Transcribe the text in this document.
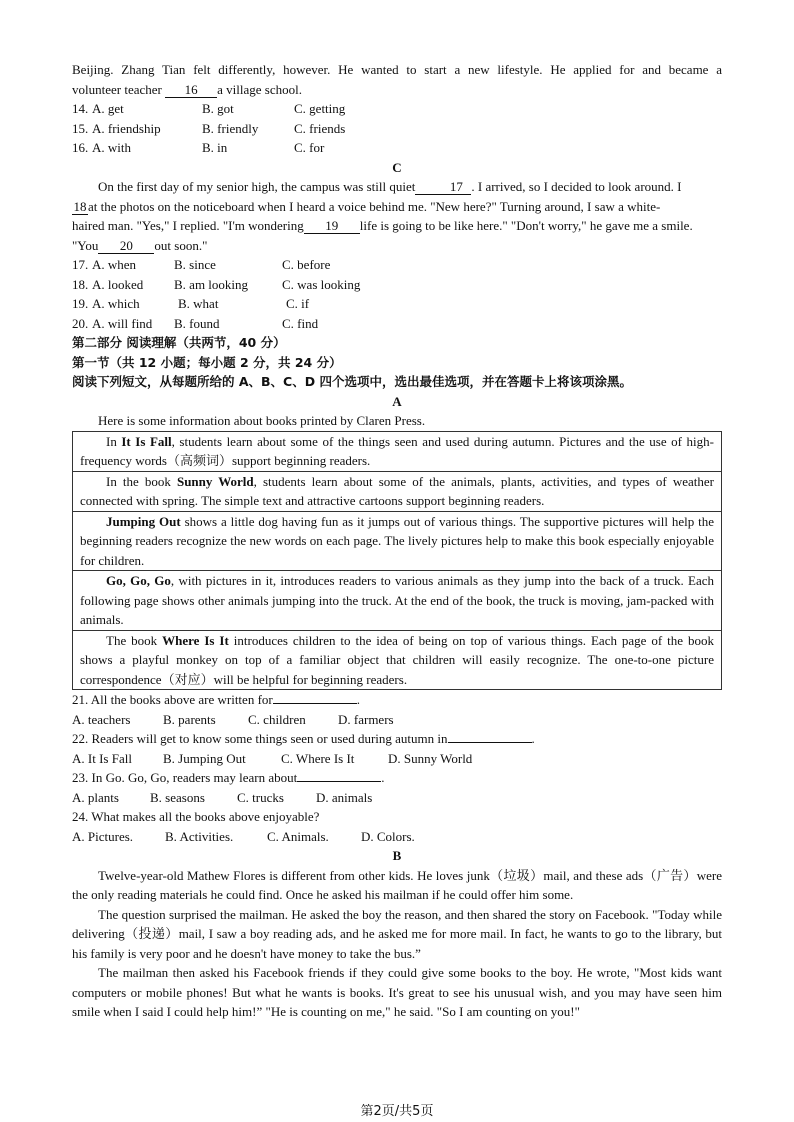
Beijing. Zhang Tian felt differently, however. He wanted to start a new lifestyle. He applied for and became a
volunteer teacher 16 a village school.
14. A. get	B. got	C. getting
15. A. friendship	B. friendly	C. friends
16. A. with	B. in	C. for
C
On the first day of my senior high, the campus was still quiet	17 . I arrived, so I decided to look around. I
18 at the photos on the noticeboard when I heard a voice behind me. "New here?" Turning around, I saw a white-
haired man. "Yes," I replied. "I'm wondering 19 life is going to be like here." "Don't worry," he gave me a smile.
"You 20 out soon."
17. A. when	B. since	C. before
18. A. looked	B. am looking	C. was looking
19. A. which	B. what	C. if
20. A. will find	B. found	C. find
第二部分 阅读理解（共两节，40 分）
第一节（共 12 小题；每小题 2 分，共 24 分）
阅读下列短文，从每题所给的 A、B、C、D 四个选项中，选出最佳选项，并在答题卡上将该项涂黑。
A
Here is some information about books printed by Claren Press.
In It Is Fall, students learn about some of the things seen and used during autumn. Pictures and the use of high-frequency words（高频词）support beginning readers.
In the book Sunny World, students learn about some of the animals, plants, activities, and types of weather connected with spring. The simple text and attractive cartoons support beginning readers.
Jumping Out shows a little dog having fun as it jumps out of various things. The supportive pictures will help the beginning readers recognize the new words on each page. The lively pictures help to make this book especially enjoyable for children.
Go, Go, Go, with pictures in it, introduces readers to various animals as they jump into the back of a truck. Each following page shows other animals jumping into the truck. At the end of the book, the truck is moving, jam-packed with animals.
The book Where Is It introduces children to the idea of being on top of various things. Each page of the book shows a playful monkey on top of a familiar object that children will easily recognize. The one-to-one picture correspondence（对应）will be helpful for beginning readers.
21. All the books above are written for	.
A. teachers	B. parents	C. children	D. farmers
22. Readers will get to know some things seen or used during autumn in	.
A. It Is Fall	B. Jumping Out	C. Where Is It	D. Sunny World
23. In Go. Go, Go, readers may learn about	.
A. plants	B. seasons	C. trucks	D. animals
24. What makes all the books above enjoyable?
A. Pictures.	B. Activities.	C. Animals.	D. Colors.
B
Twelve-year-old Mathew Flores is different from other kids. He loves junk（垃圾）mail, and these ads（广告）were the only reading materials he could find. Once he asked his mailman if he could offer him some.
The question surprised the mailman. He asked the boy the reason, and then shared the story on Facebook. "Today while delivering（投递）mail, I saw a boy reading ads, and he asked me for more mail. In fact, he wants to go to the library, but his family is very poor and he doesn't have money to take the bus.”
The mailman then asked his Facebook friends if they could give some books to the boy. He wrote, "Most kids want computers or mobile phones! But what he wants is books. It's great to see his unusual wish, and you may have seen him smile when I said I could help him!” "He is counting on me," he said. "So I am counting on you!"
第2页/共5页
